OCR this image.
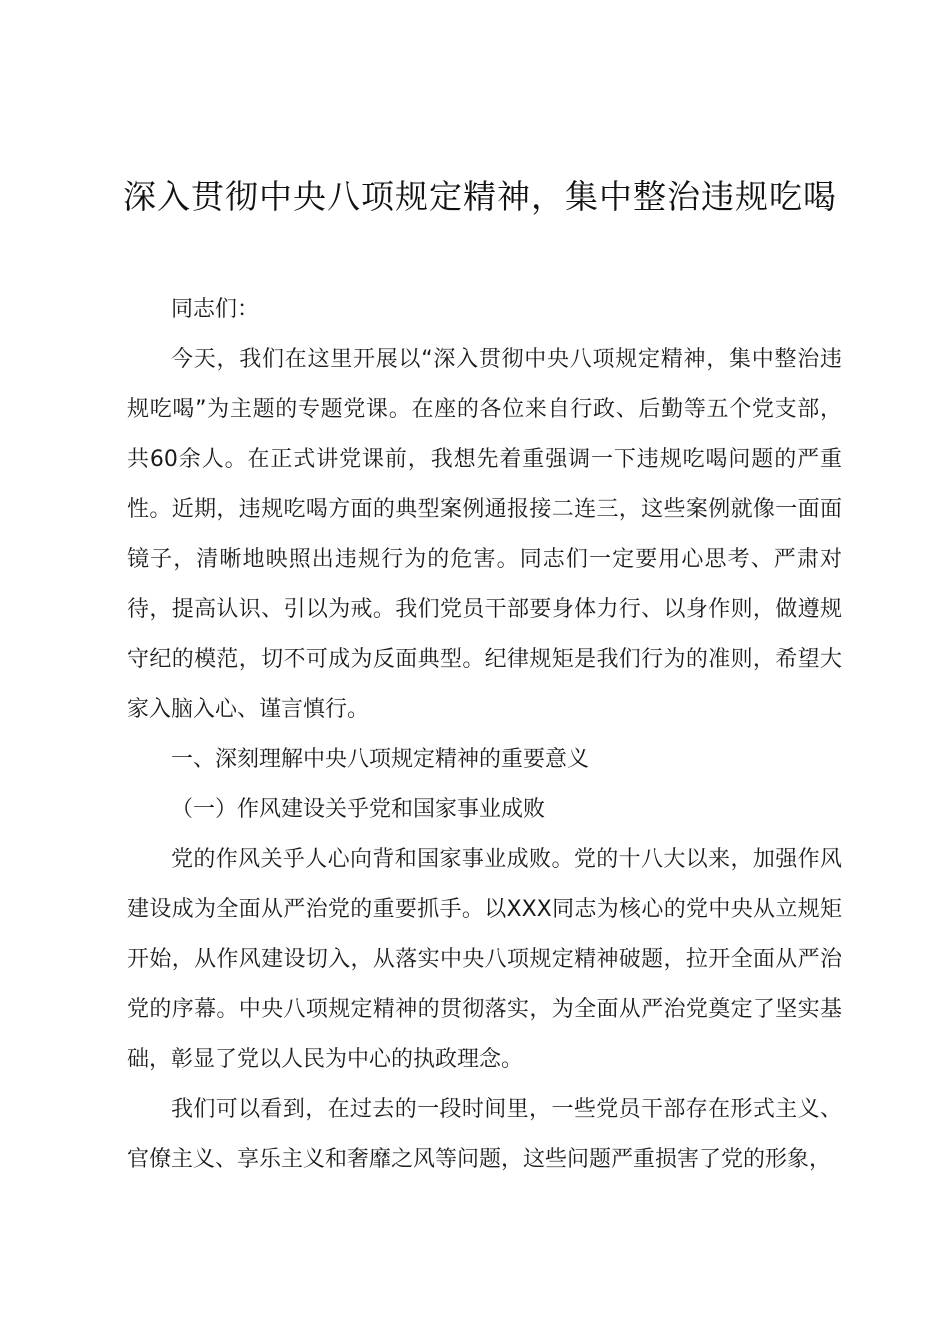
深入贯彻中央八项规定精神，集中整治违规吃喝

同志们：

今天，我们在这里开展以“深入贯彻中央八项规定精神，集中整治违规吃喝”为主题的专题党课。在座的各位来自行政、后勤等五个党支部，共60余人。在正式讲党课前，我想先着重强调一下违规吃喝问题的严重性。近期，违规吃喝方面的典型案例通报接二连三，这些案例就像一面面镜子，清晰地映照出违规行为的危害。同志们一定要用心思考、严肃对待，提高认识、引以为戒。我们党员干部要身体力行、以身作则，做遵规守纪的模范，切不可成为反面典型。纪律规矩是我们行为的准则，希望大家入脑入心、谨言慎行。

一、深刻理解中央八项规定精神的重要意义

（一）作风建设关乎党和国家事业成败

党的作风关乎人心向背和国家事业成败。党的十八大以来，加强作风建设成为全面从严治党的重要抓手。以XXX同志为核心的党中央从立规矩开始，从作风建设切入，从落实中央八项规定精神破题，拉开全面从严治党的序幕。中央八项规定精神的贯彻落实，为全面从严治党奠定了坚实基础，彰显了党以人民为中心的执政理念。

我们可以看到，在过去的一段时间里，一些党员干部存在形式主义、官僚主义、享乐主义和奢靡之风等问题，这些问题严重损害了党的形象，
